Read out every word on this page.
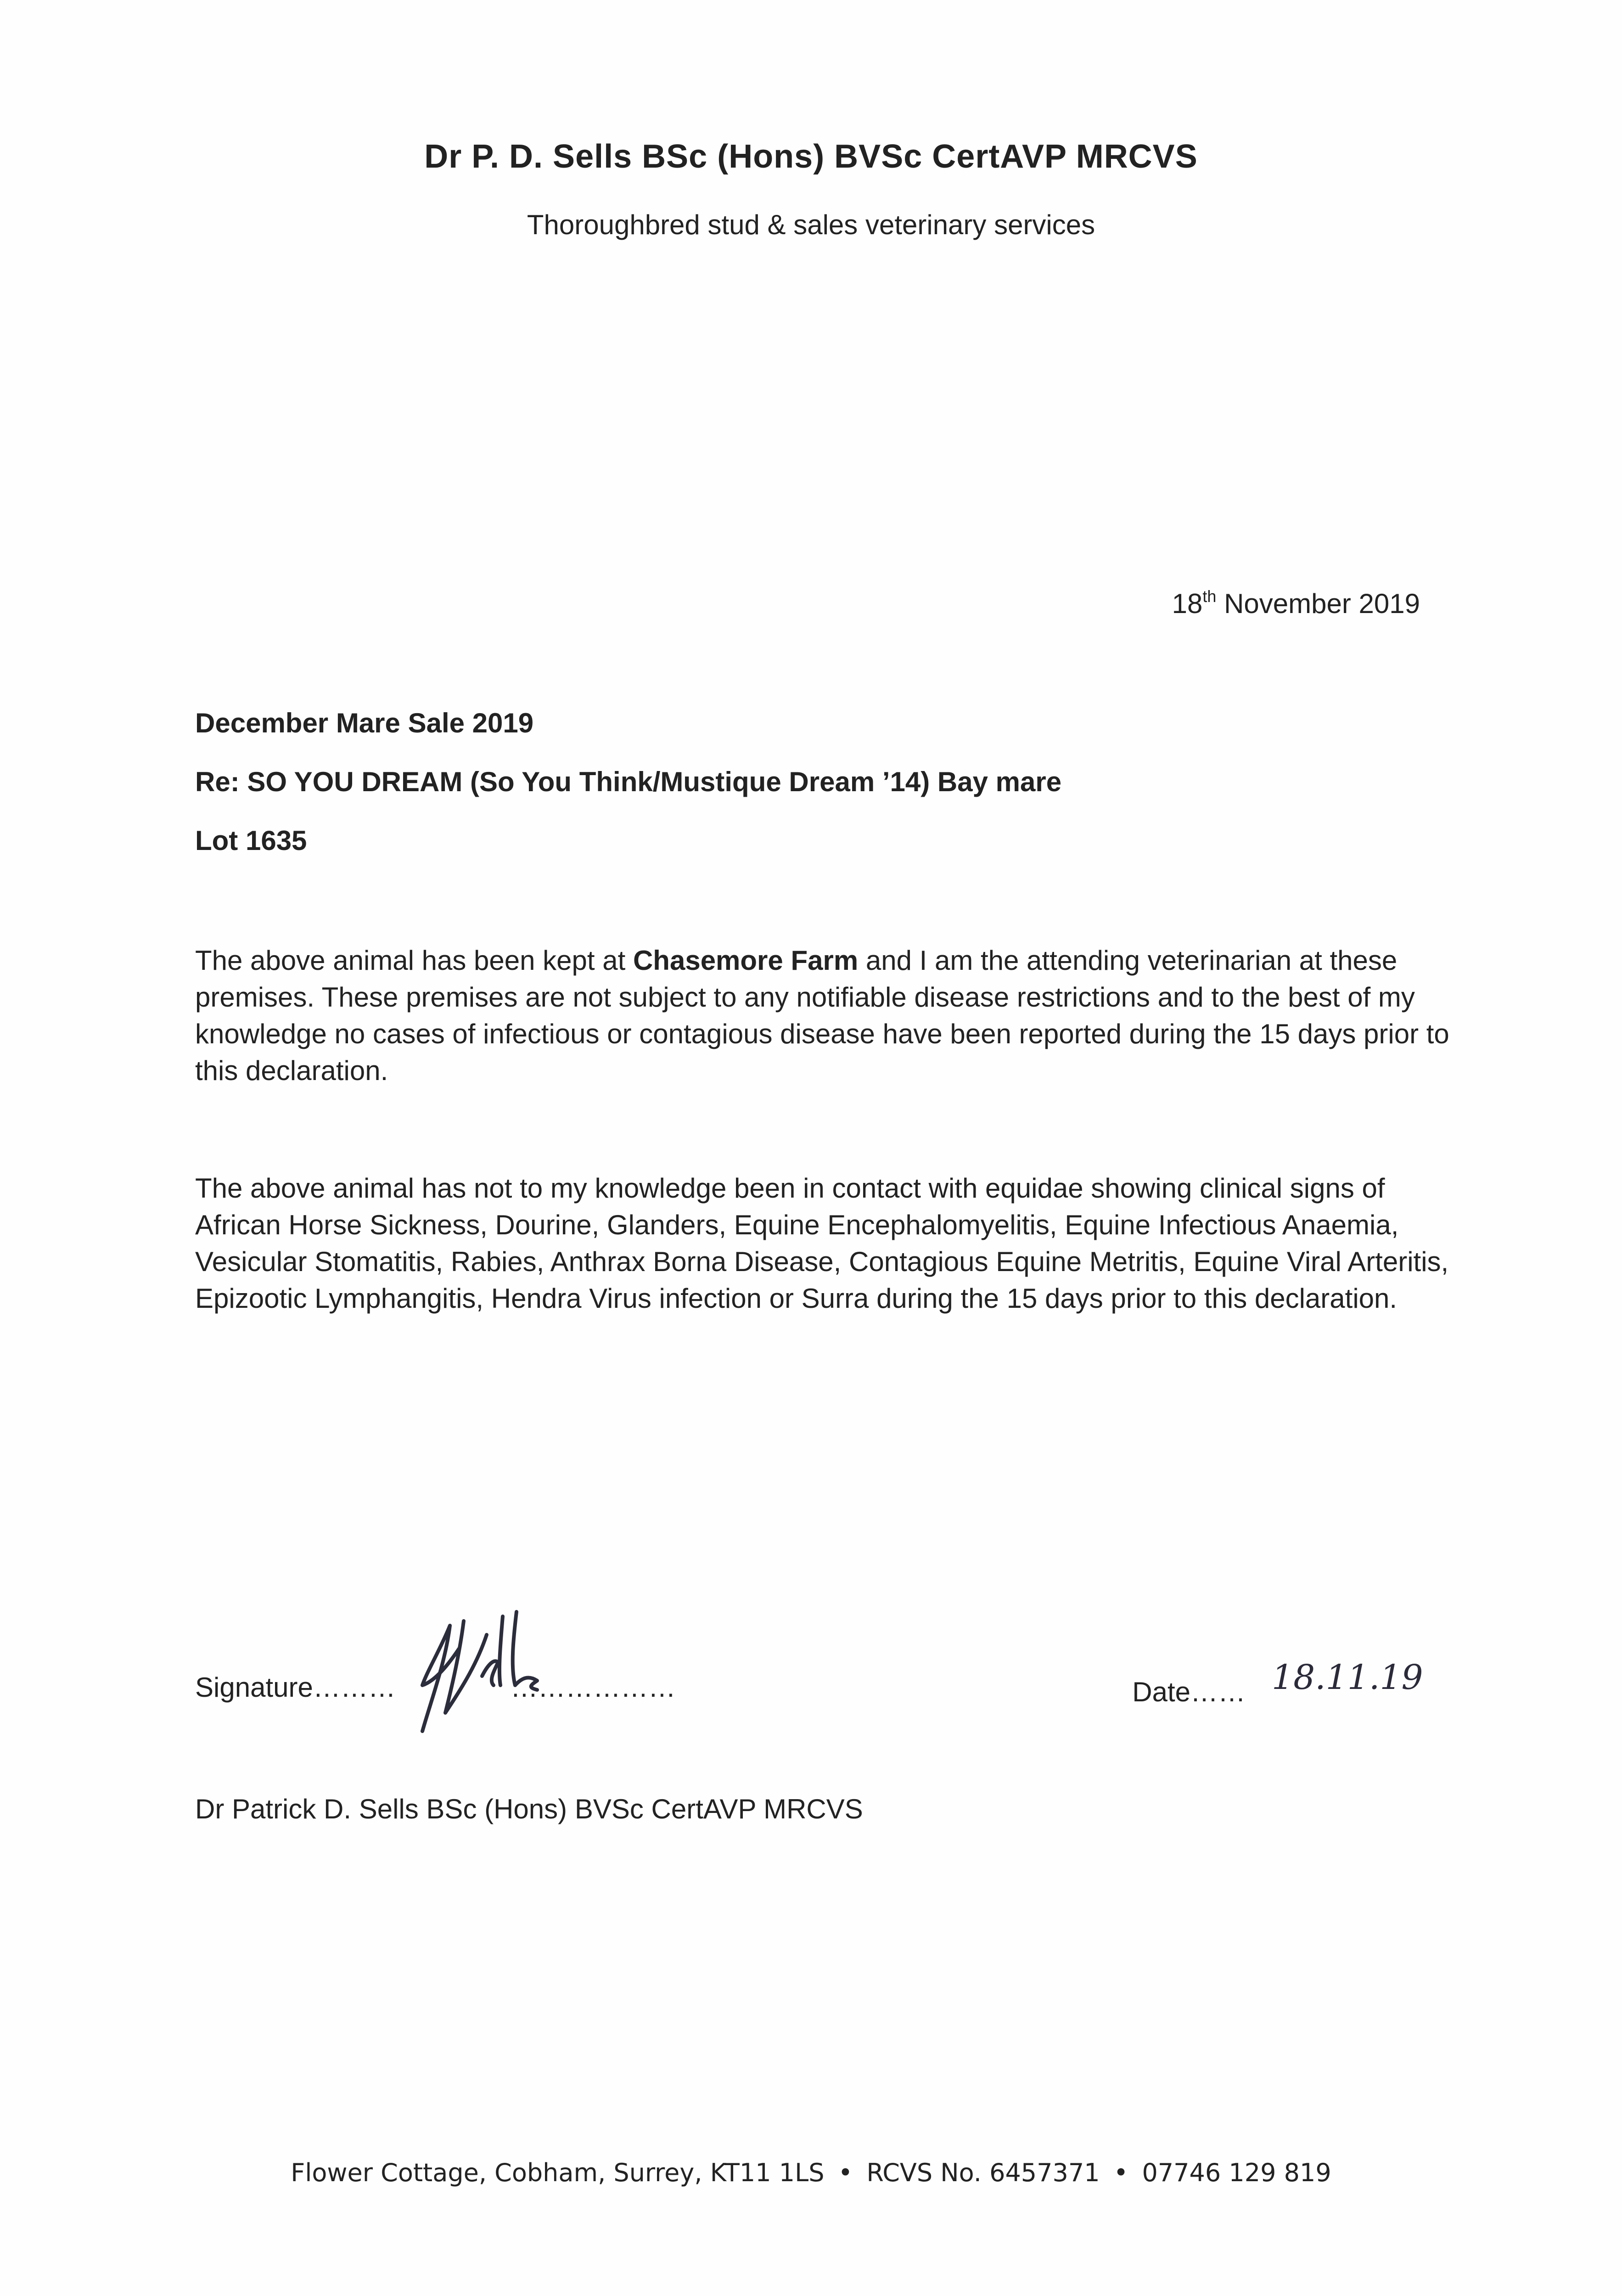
Dr P. D. Sells BSc (Hons) BVSc CertAVP MRCVS
Thoroughbred stud & sales veterinary services
18th November 2019
December Mare Sale 2019
Re: SO YOU DREAM (So You Think/Mustique Dream ’14) Bay mare
Lot 1635
The above animal has been kept at Chasemore Farm and I am the attending veterinarian at these premises. These premises are not subject to any notifiable disease restrictions and to the best of my knowledge no cases of infectious or contagious disease have been reported during the 15 days prior to this declaration.
The above animal has not to my knowledge been in contact with equidae showing clinical signs of African Horse Sickness, Dourine, Glanders, Equine Encephalomyelitis, Equine Infectious Anaemia, Vesicular Stomatitis, Rabies, Anthrax Borna Disease, Contagious Equine Metritis, Equine Viral Arteritis, Epizootic Lymphangitis, Hendra Virus infection or Surra during the 15 days prior to this declaration.
Signature………	………………	Date…… 18.11.19
Dr Patrick D. Sells BSc (Hons) BVSc CertAVP MRCVS
Flower Cottage, Cobham, Surrey, KT11 1LS • RCVS No. 6457371 • 07746 129 819
